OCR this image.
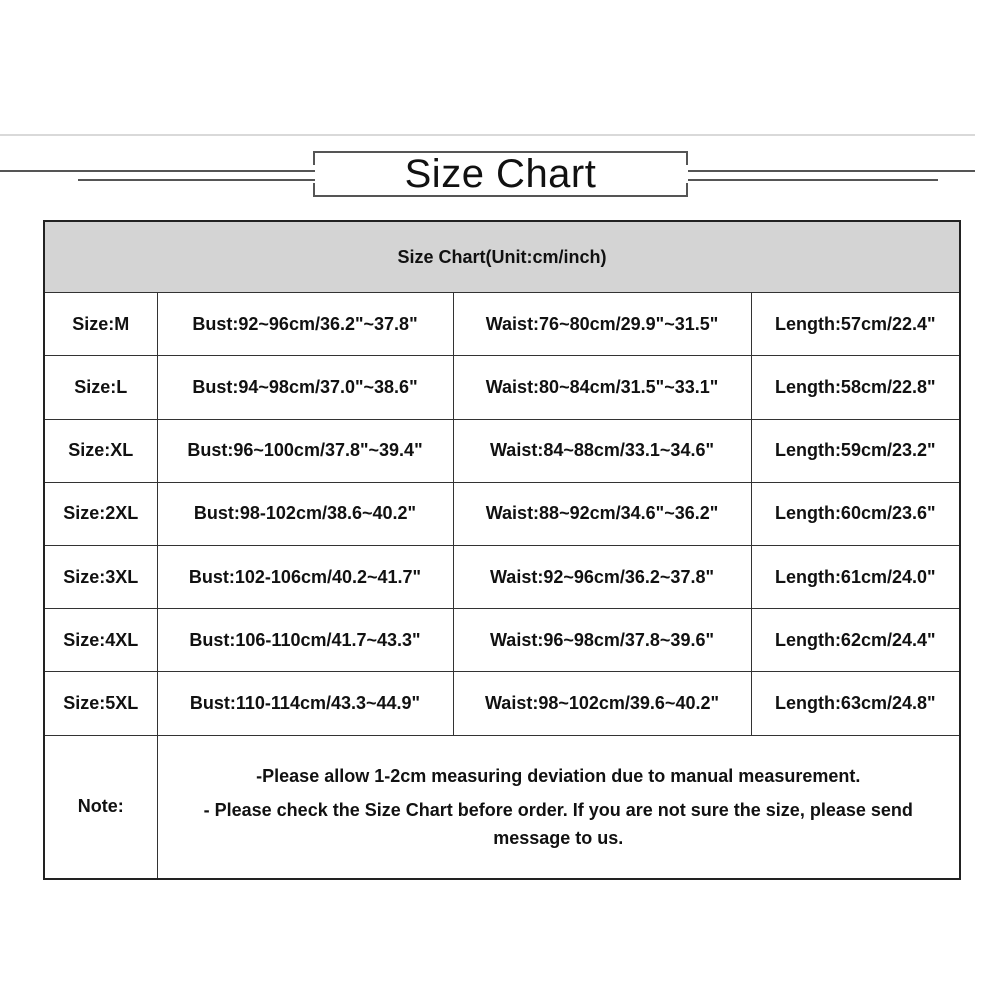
Size Chart
Size Chart(Unit:cm/inch)			
Size:M	Bust:92~96cm/36.2"~37.8"	Waist:76~80cm/29.9"~31.5"	Length:57cm/22.4"
Size:L	Bust:94~98cm/37.0"~38.6"	Waist:80~84cm/31.5"~33.1"	Length:58cm/22.8"
Size:XL	Bust:96~100cm/37.8"~39.4"	Waist:84~88cm/33.1~34.6"	Length:59cm/23.2"
Size:2XL	Bust:98-102cm/38.6~40.2"	Waist:88~92cm/34.6"~36.2"	Length:60cm/23.6"
Size:3XL	Bust:102-106cm/40.2~41.7"	Waist:92~96cm/36.2~37.8"	Length:61cm/24.0"
Size:4XL	Bust:106-110cm/41.7~43.3"	Waist:96~98cm/37.8~39.6"	Length:62cm/24.4"
Size:5XL	Bust:110-114cm/43.3~44.9"	Waist:98~102cm/39.6~40.2"	Length:63cm/24.8"
Note:	-Please allow 1-2cm measuring deviation due to manual measurement.
- Please check the Size Chart before order. If you are not sure the size, please send message to us.		
